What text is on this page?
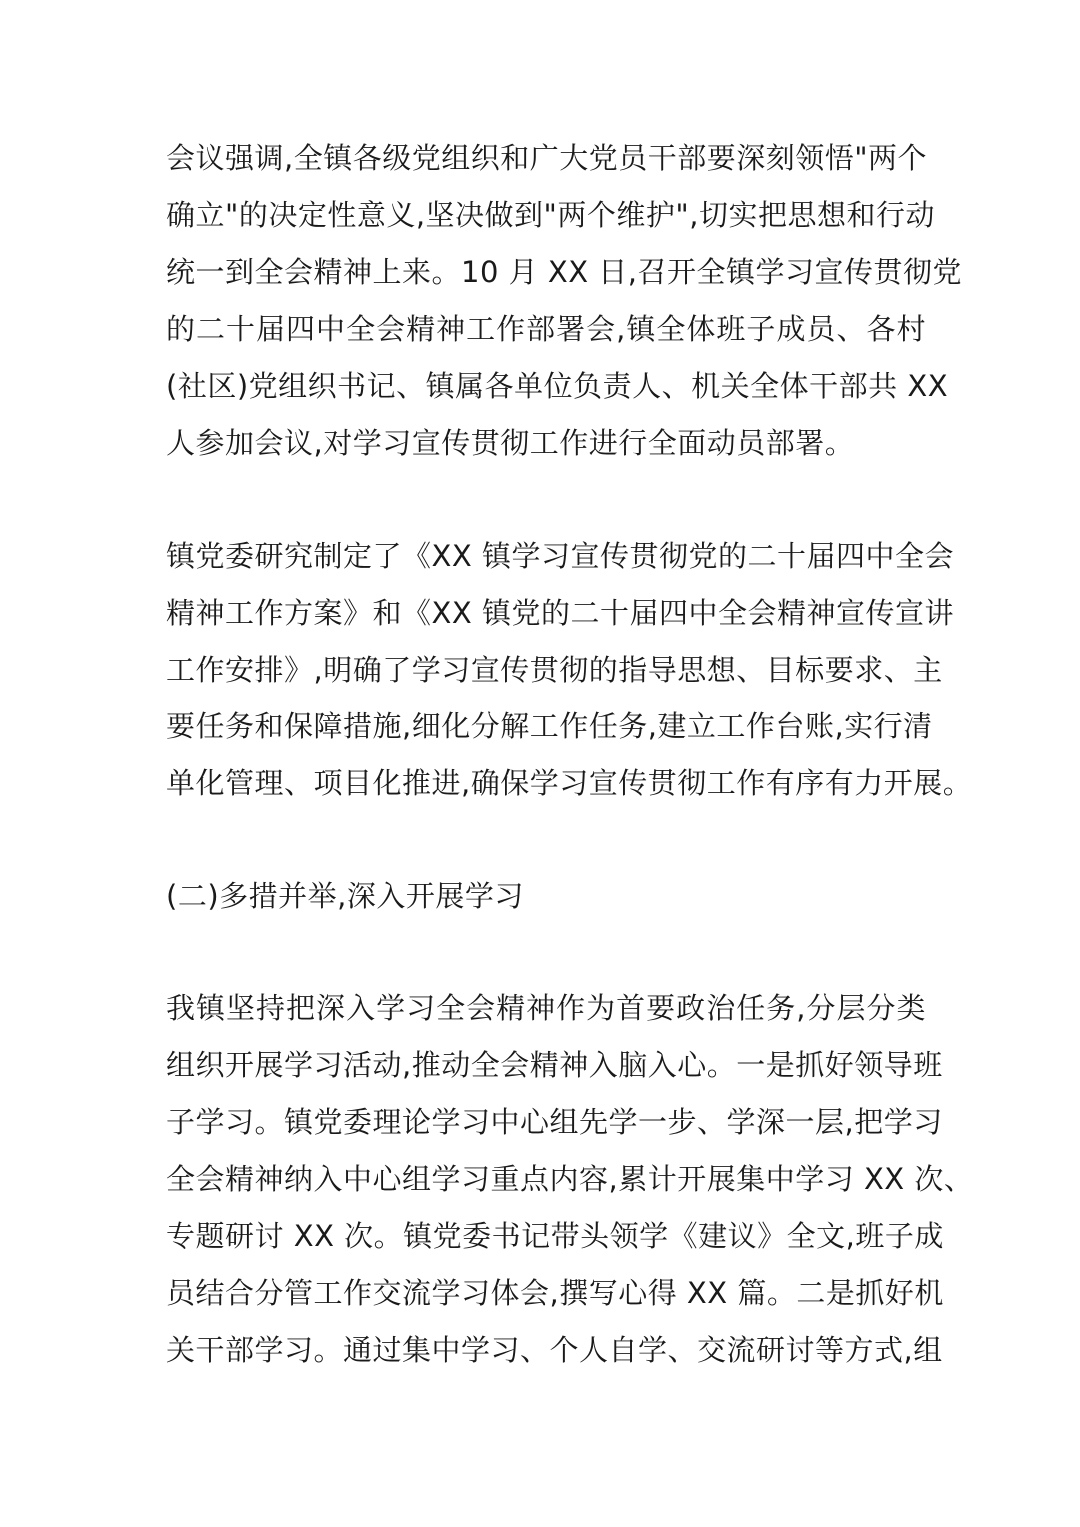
会议强调,全镇各级党组织和广大党员干部要深刻领悟"两个
确立"的决定性意义,坚决做到"两个维护",切实把思想和行动
统一到全会精神上来。10 月 XX 日,召开全镇学习宣传贯彻党
的二十届四中全会精神工作部署会,镇全体班子成员、各村
(社区)党组织书记、镇属各单位负责人、机关全体干部共 XX
人参加会议,对学习宣传贯彻工作进行全面动员部署。
镇党委研究制定了《XX 镇学习宣传贯彻党的二十届四中全会
精神工作方案》和《XX 镇党的二十届四中全会精神宣传宣讲
工作安排》,明确了学习宣传贯彻的指导思想、目标要求、主
要任务和保障措施,细化分解工作任务,建立工作台账,实行清
单化管理、项目化推进,确保学习宣传贯彻工作有序有力开展。
(二)多措并举,深入开展学习
我镇坚持把深入学习全会精神作为首要政治任务,分层分类
组织开展学习活动,推动全会精神入脑入心。一是抓好领导班
子学习。镇党委理论学习中心组先学一步、学深一层,把学习
全会精神纳入中心组学习重点内容,累计开展集中学习 XX 次、
专题研讨 XX 次。镇党委书记带头领学《建议》全文,班子成
员结合分管工作交流学习体会,撰写心得 XX 篇。二是抓好机
关干部学习。通过集中学习、个人自学、交流研讨等方式,组
